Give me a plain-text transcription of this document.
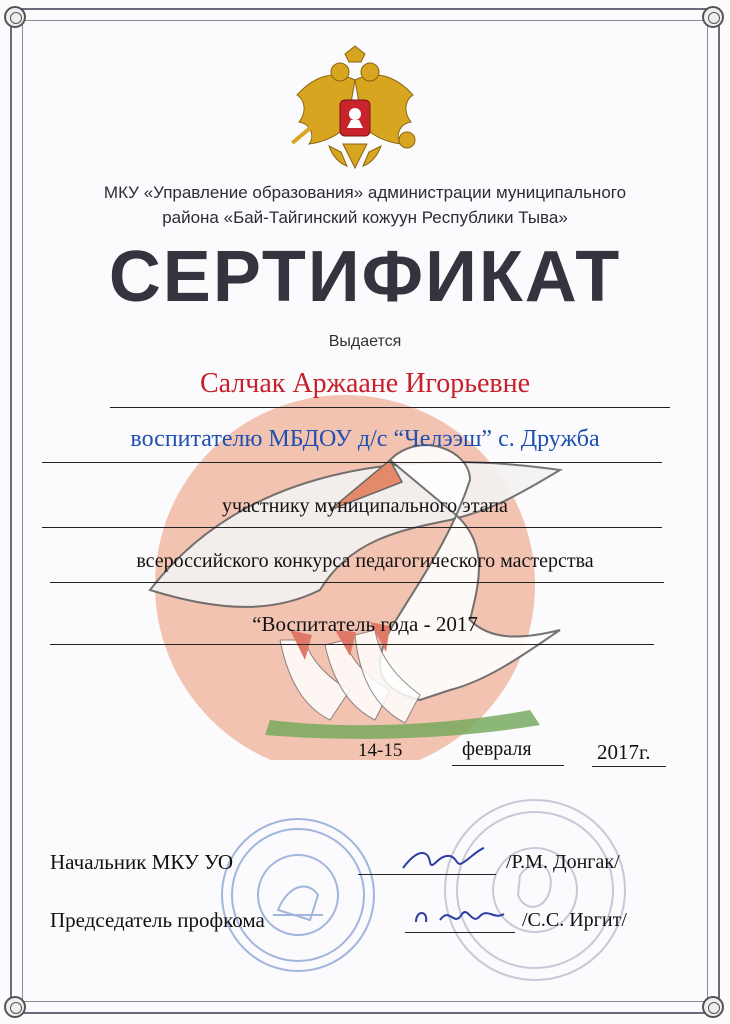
МКУ «Управление образования» администрации муниципального
района «Бай-Тайгинский кожуун Республики Тыва»
СЕРТИФИКАТ
Выдается
Салчак Аржаане Игорьевне
воспитателю МБДОУ д/с “Челээш” с. Дружба
участнику муниципального этапа
всероссийского конкурса педагогического мастерства
“Воспитатель года - 2017
14-15	февраля	2017г.
Начальник МКУ УО	/Р.М. Донгак/
Председатель профкома	/С.С. Иргит/
